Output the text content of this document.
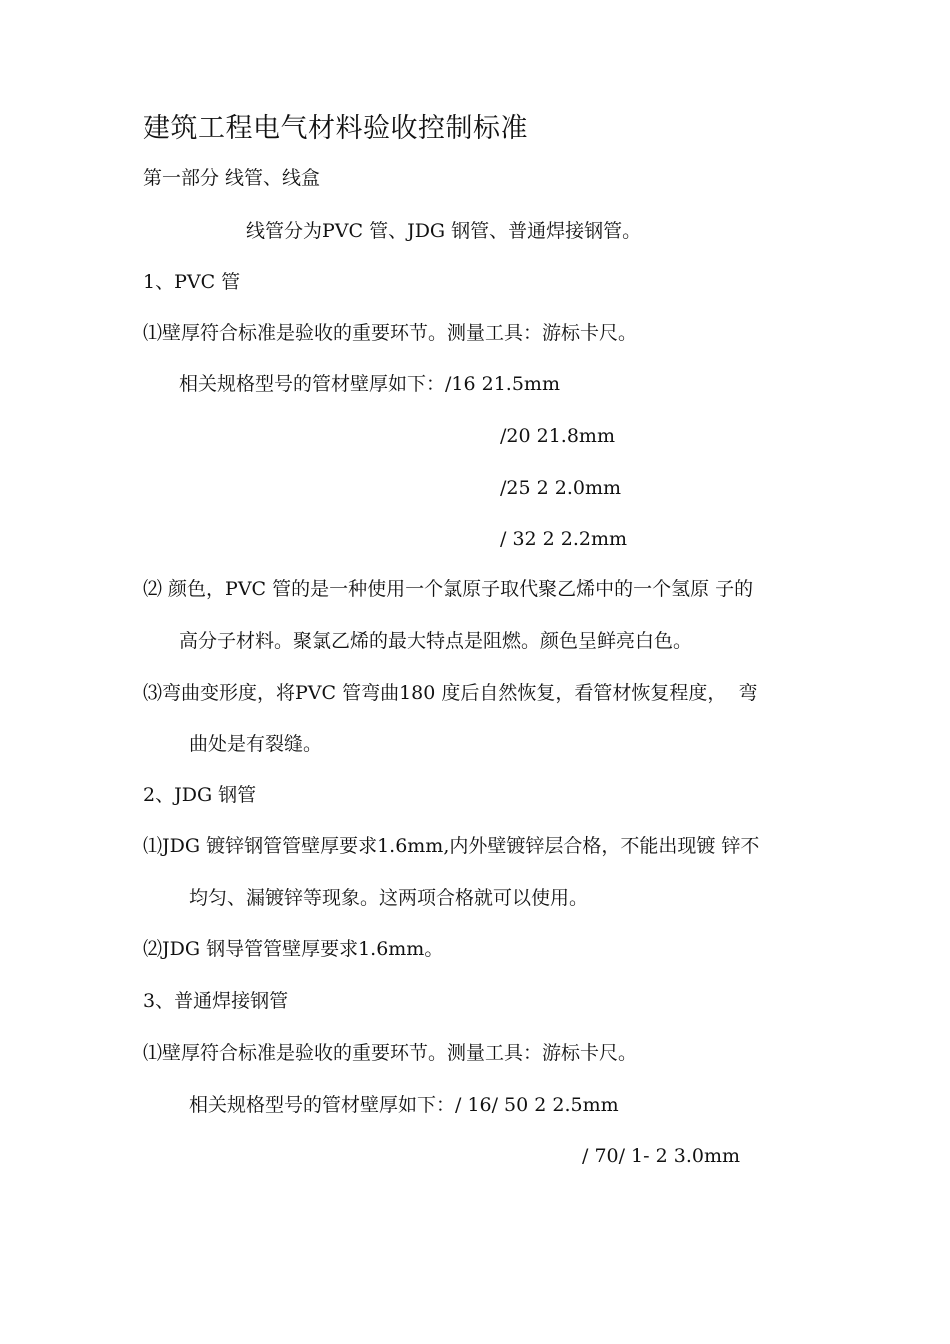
建筑工程电气材料验收控制标准
第一部分 线管、线盒
线管分为PVC 管、JDG 钢管、普通焊接钢管。
1、PVC 管
⑴壁厚符合标准是验收的重要环节。测量工具：游标卡尺。
相关规格型号的管材壁厚如下：/16 21.5mm
/20 21.8mm
/25 2 2.0mm
/ 32 2 2.2mm
⑵ 颜色，PVC 管的是一种使用一个氯原子取代聚乙烯中的一个氢原 子的
高分子材料。聚氯乙烯的最大特点是阻燃。颜色呈鲜亮白色。
⑶弯曲变形度，将PVC 管弯曲180 度后自然恢复，看管材恢复程度，  弯
曲处是有裂缝。
2、JDG 钢管
⑴JDG 镀锌钢管管壁厚要求1.6mm,内外壁镀锌层合格，不能出现镀 锌不
均匀、漏镀锌等现象。这两项合格就可以使用。
⑵JDG 钢导管管壁厚要求1.6mm。
3、普通焊接钢管
⑴壁厚符合标准是验收的重要环节。测量工具：游标卡尺。
相关规格型号的管材壁厚如下：/ 16/ 50 2 2.5mm
/ 70/ 1- 2 3.0mm
